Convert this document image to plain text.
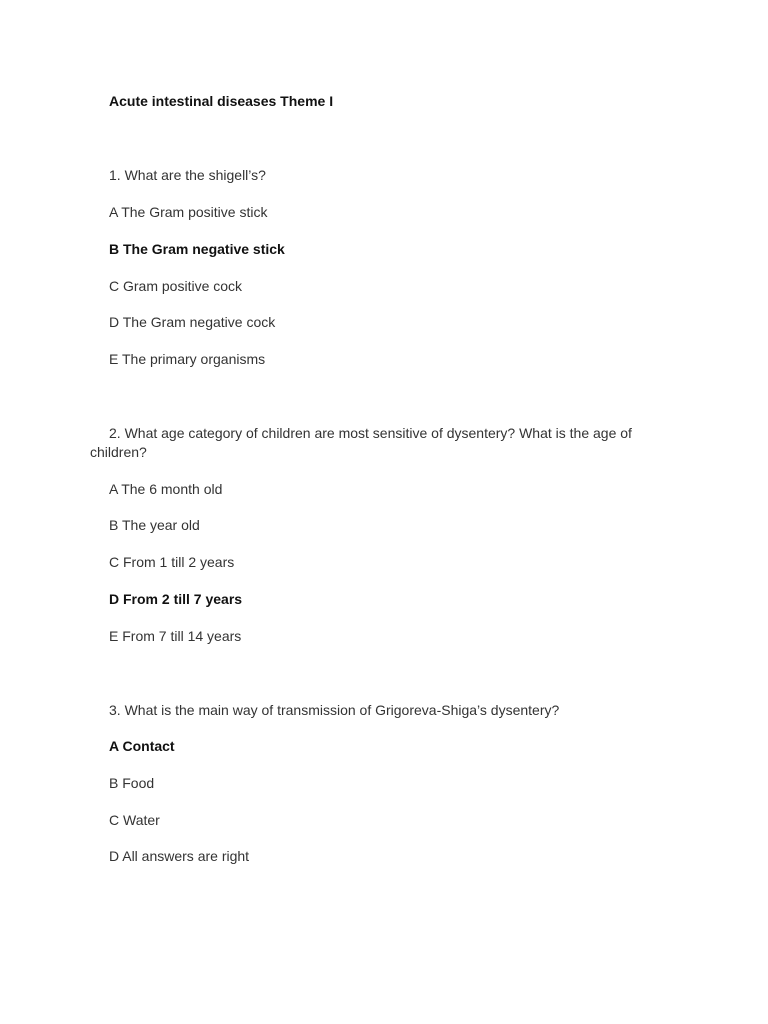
Acute intestinal diseases Theme I
1. What are the shigell’s?
A The Gram positive stick
B The Gram negative stick
C Gram positive cock
D The Gram negative cock
E The primary organisms
2. What age category of children are most sensitive of dysentery? What is the age of children?
A The 6 month old
B The year old
C From 1 till 2 years
D From 2 till 7 years
E From 7 till 14 years
3. What is the main way of transmission of Grigoreva-Shiga’s dysentery?
A Contact
B Food
C Water
D All answers are right
